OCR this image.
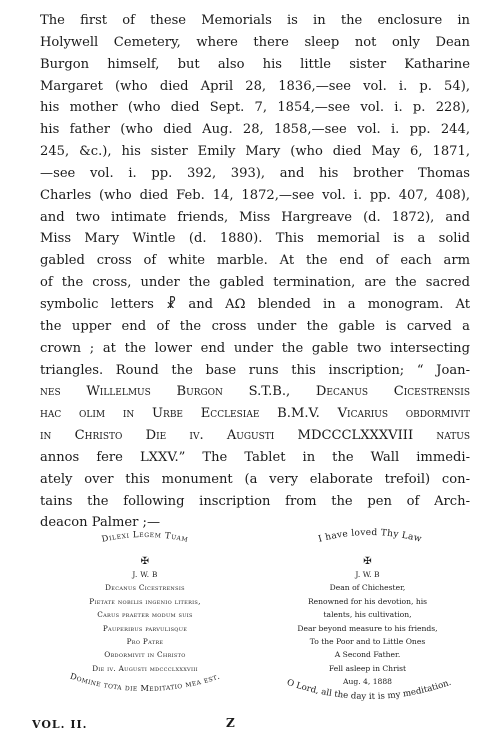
The first of these Memorials is in the enclosure in
Holywell Cemetery, where there sleep not only Dean
Burgon himself, but also his little sister Katharine
Margaret (who died April 28, 1836,—see vol. i. p. 54),
his mother (who died Sept. 7, 1854,—see vol. i. p. 228),
his father (who died Aug. 28, 1858,—see vol. i. pp. 244,
245, &c.), his sister Emily Mary (who died May 6, 1871,
—see vol. i. pp. 392, 393), and his brother Thomas
Charles (who died Feb. 14, 1872,—see vol. i. pp. 407, 408),
and two intimate friends, Miss Hargreave (d. 1872), and
Miss Mary Wintle (d. 1880). This memorial is a solid
gabled cross of white marble. At the end of each arm
of the cross, under the gabled termination, are the sacred
symbolic letters ☧ and AΩ blended in a monogram. At
the upper end of the cross under the gable is carved a
crown ; at the lower end under the gable two intersecting
triangles. Round the base runs this inscription; “ Joan-
nes Willelmus Burgon S.T.B., Decanus Cicestrensis
hac olim in Urbe Ecclesiae B.M.V. Vicarius obdormivit
in Christo Die iv. Augusti MDCCCLXXXVIII natus
annos fere LXXV.” The Tablet in the Wall immedi-
ately over this monument (a very elaborate trefoil) con-
tains the following inscription from the pen of Arch-
deacon Palmer ;—

Dilexi Legem Tuam
✠
J. W. B
Decanus Cicestrensis
Pietate nobilis ingenio literis,
Carus praeter modum suis
Pauperibus parvulisque
Pro Patre
Obdormivit in Christo
Die iv. Augusti mdccclxxxviii
Domine tota die Meditatio mea est.
I have loved Thy Law
✠
J. W. B
Dean of Chichester,
Renowned for his devotion, his
talents, his cultivation,
Dear beyond measure to his friends,
To the Poor and to Little Ones
A Second Father.
Fell asleep in Christ
Aug. 4, 1888
O Lord, all the day it is my meditation.
VOL. II.	Z
